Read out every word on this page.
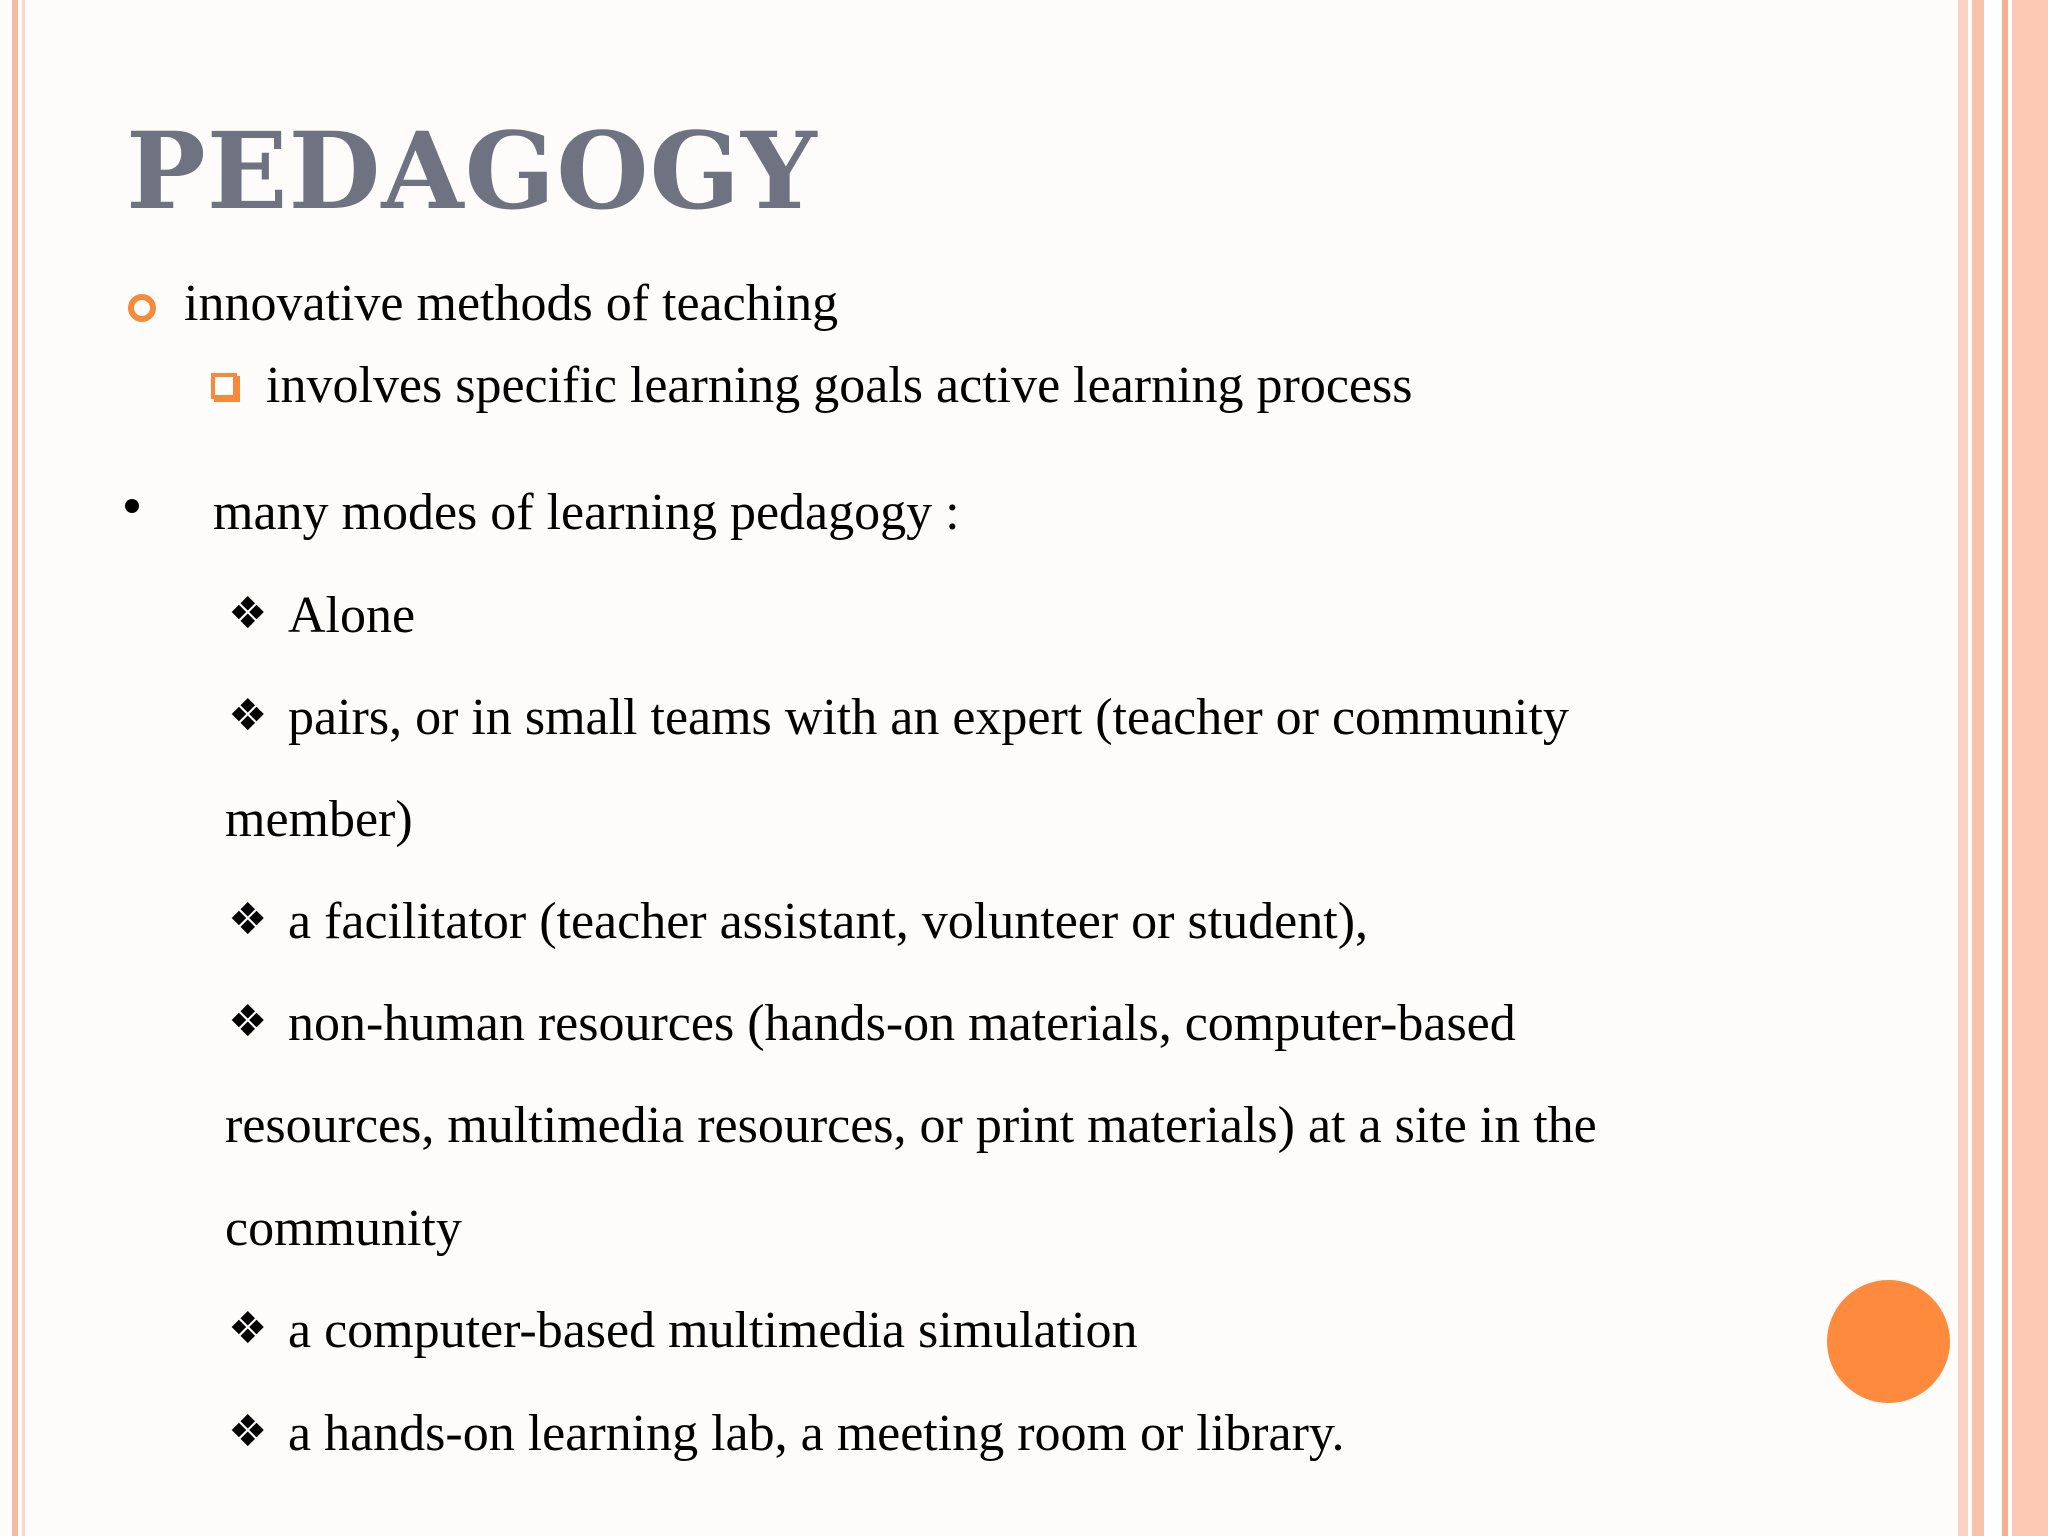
PEDAGOGY
innovative methods of teaching
involves specific learning goals active learning process
many modes of learning pedagogy :
❖ Alone
❖ pairs, or in small teams with an expert (teacher or community
member)
❖ a facilitator (teacher assistant, volunteer or student),
❖ non-human resources (hands-on materials, computer-based
resources, multimedia resources, or print materials) at a site in the
community
❖ a computer-based multimedia simulation
❖ a hands-on learning lab, a meeting room or library.
